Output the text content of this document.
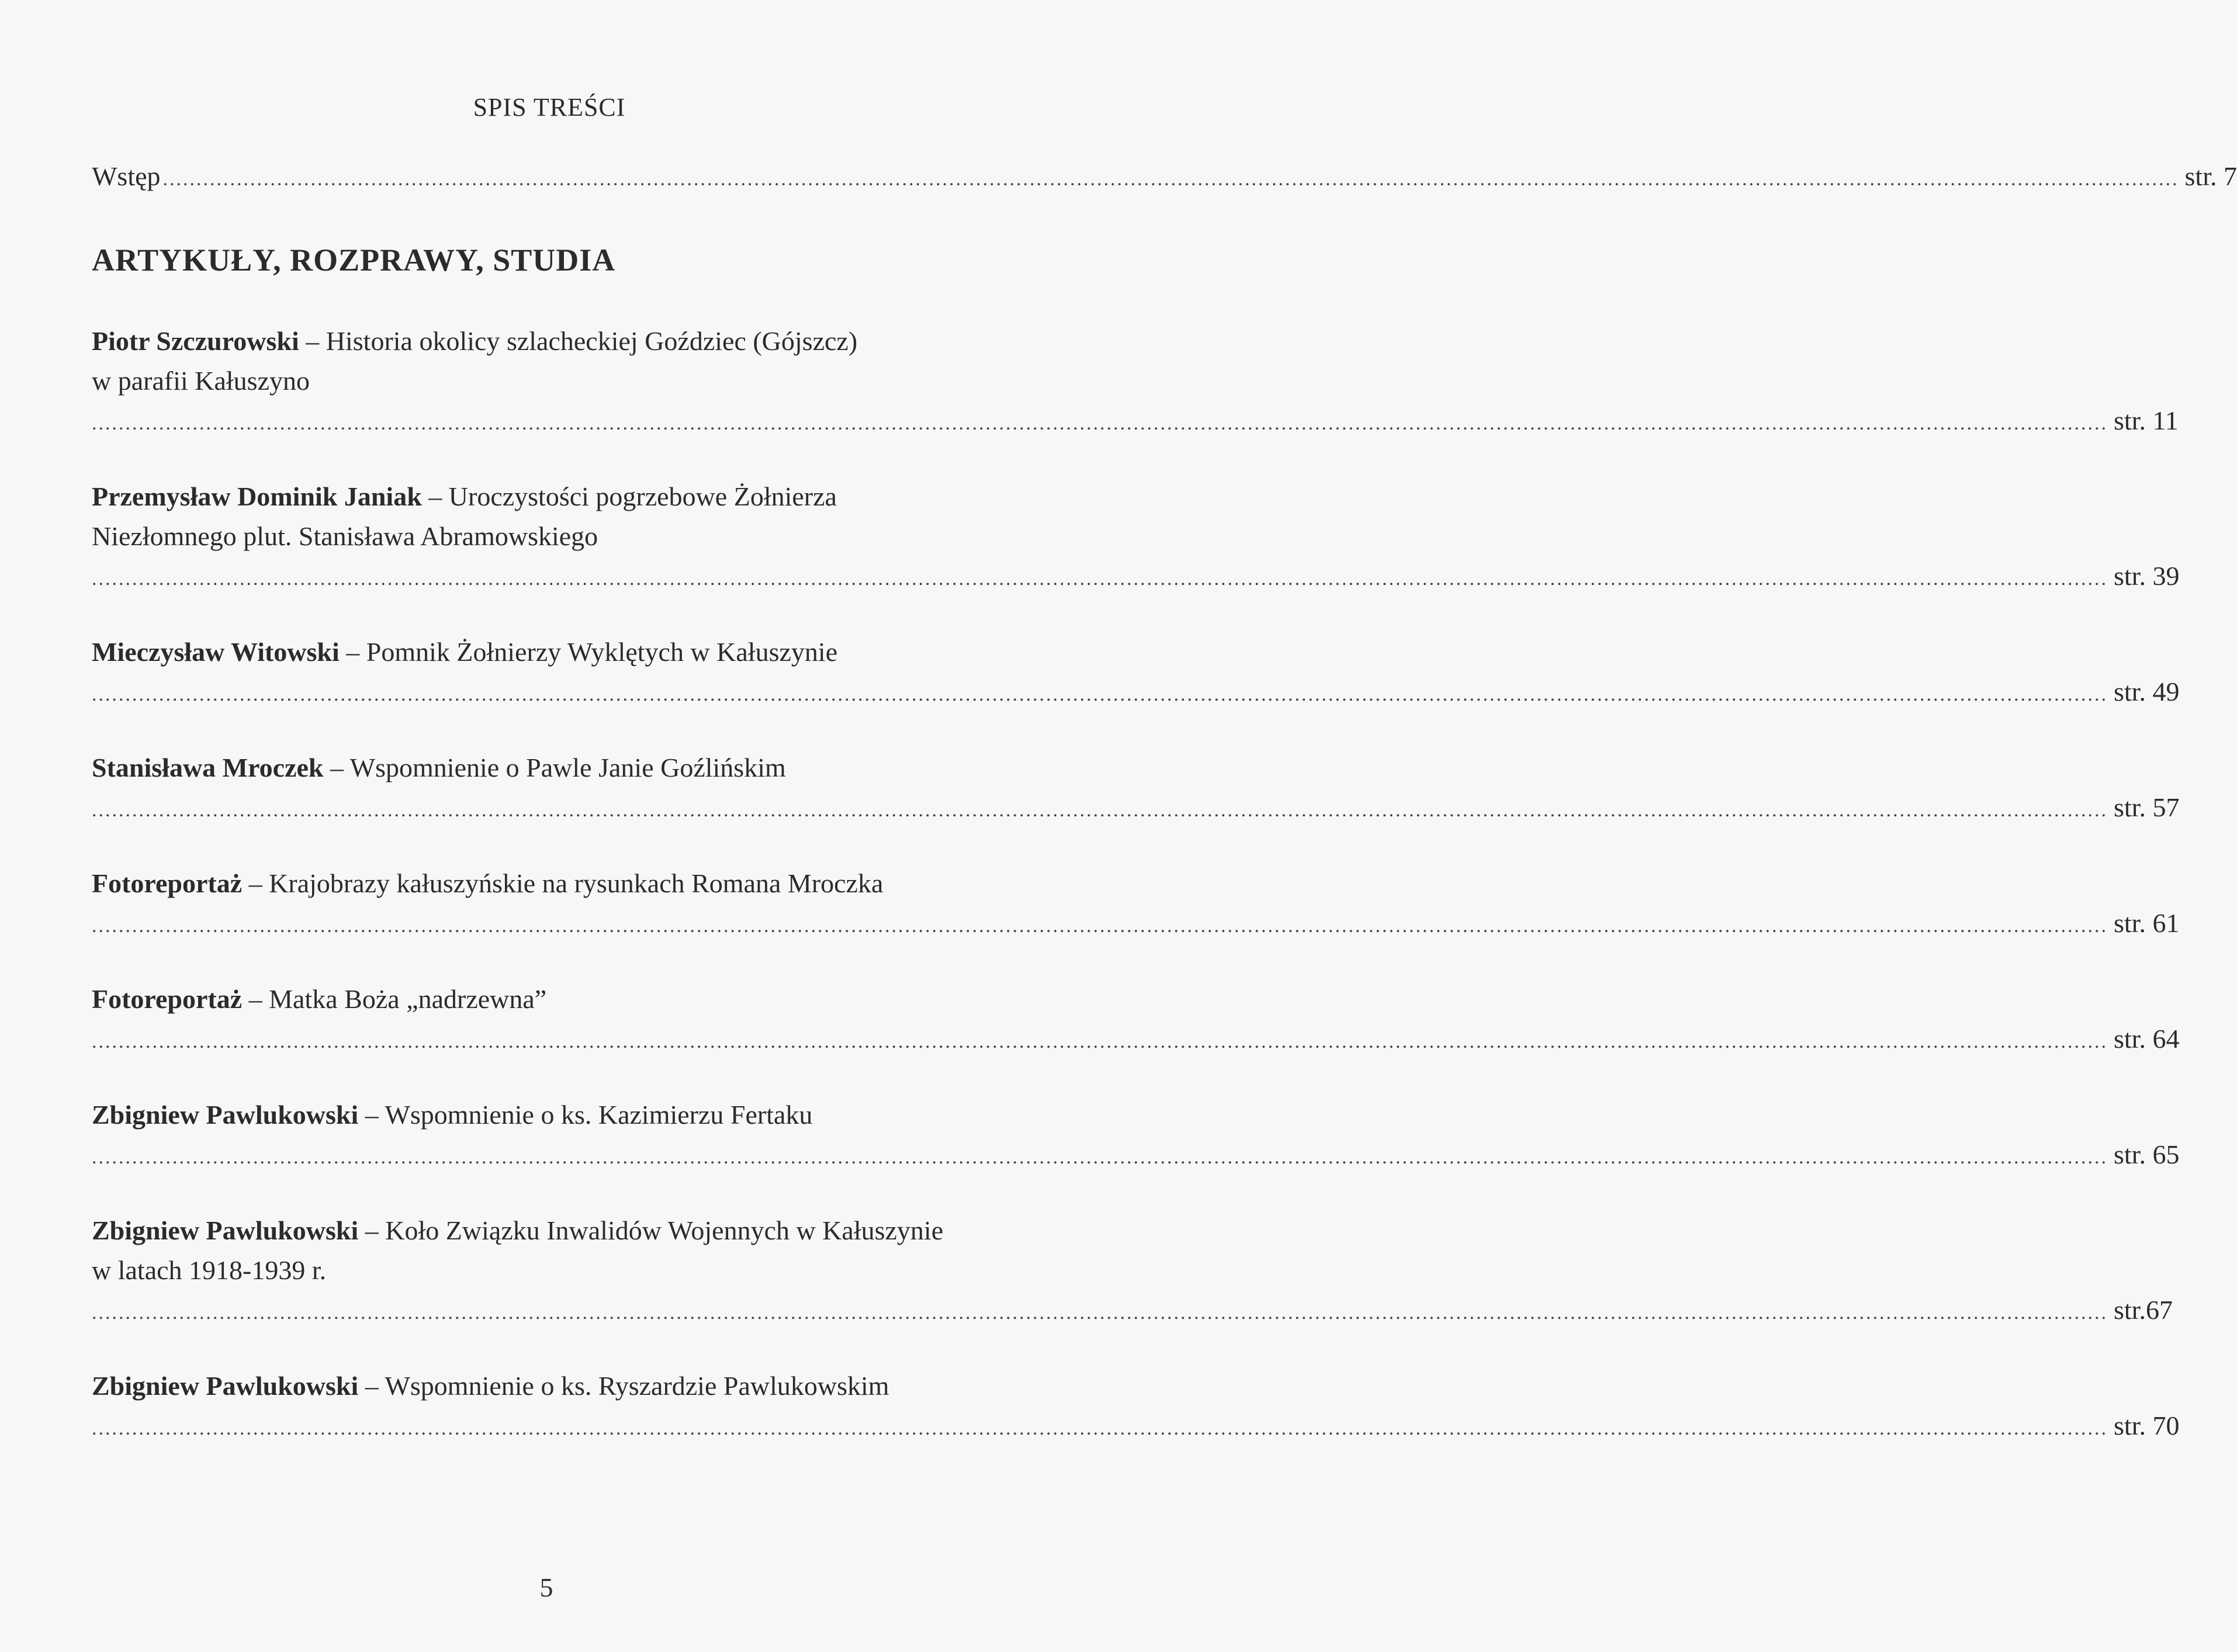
SPIS TREŚCI
Wstęp ............................................................................................................................................................................................................................................................................................................ str. 7
ARTYKUŁY, ROZPRAWY, STUDIA
Piotr Szczurowski – Historia okolicy szlacheckiej Goździec (Gójszcz)
w parafii Kałuszyno
............................................................................................................................................................................................................................................................................................................ str. 11
Przemysław Dominik Janiak – Uroczystości pogrzebowe Żołnierza
Niezłomnego plut. Stanisława Abramowskiego
............................................................................................................................................................................................................................................................................................................ str. 39
Mieczysław Witowski – Pomnik Żołnierzy Wyklętych w Kałuszynie
............................................................................................................................................................................................................................................................................................................ str. 49
Stanisława Mroczek – Wspomnienie o Pawle Janie Goźlińskim
............................................................................................................................................................................................................................................................................................................ str. 57
Fotoreportaż – Krajobrazy kałuszyńskie na rysunkach Romana Mroczka
............................................................................................................................................................................................................................................................................................................ str. 61
Fotoreportaż – Matka Boża „nadrzewna”
............................................................................................................................................................................................................................................................................................................ str. 64
Zbigniew Pawlukowski – Wspomnienie o ks. Kazimierzu Fertaku
............................................................................................................................................................................................................................................................................................................ str. 65
Zbigniew Pawlukowski – Koło Związku Inwalidów Wojennych w Kałuszynie
w latach 1918-1939 r.
............................................................................................................................................................................................................................................................................................................ str.67
Zbigniew Pawlukowski – Wspomnienie o ks. Ryszardzie Pawlukowskim
............................................................................................................................................................................................................................................................................................................ str. 70
5
